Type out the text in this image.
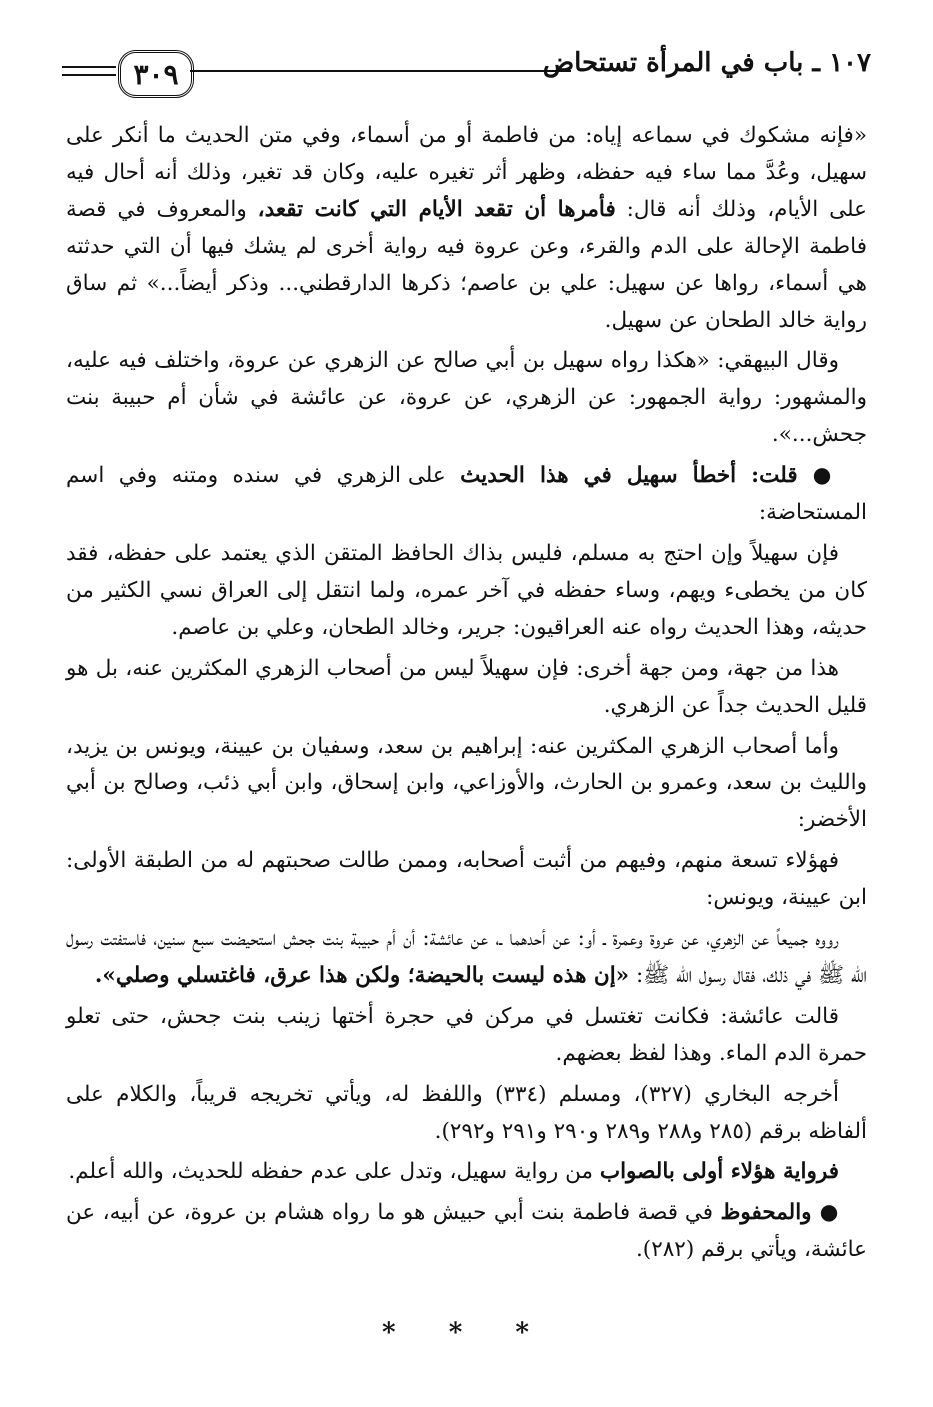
٣٠٩	١٠٧ ـ باب في المرأة تستحاض

«فإنه مشكوك في سماعه إياه: من فاطمة أو من أسماء، وفي متن الحديث ما أنكر على سهيل، وعُدَّ مما ساء فيه حفظه، وظهر أثر تغيره عليه، وكان قد تغير، وذلك أنه أحال فيه على الأيام، وذلك أنه قال: فأمرها أن تقعد الأيام التي كانت تقعد، والمعروف في قصة فاطمة الإحالة على الدم والقرء، وعن عروة فيه رواية أخرى لم يشك فيها أن التي حدثته هي أسماء، رواها عن سهيل: علي بن عاصم؛ ذكرها الدارقطني... وذكر أيضاً...» ثم ساق رواية خالد الطحان عن سهيل.

وقال البيهقي: «هكذا رواه سهيل بن أبي صالح عن الزهري عن عروة، واختلف فيه عليه، والمشهور: رواية الجمهور: عن الزهري، عن عروة، عن عائشة في شأن أم حبيبة بنت جحش...».

● قلت: أخطأ سهيل في هذا الحديث على الزهري في سنده ومتنه وفي اسم المستحاضة:

فإن سهيلاً وإن احتج به مسلم، فليس بذاك الحافظ المتقن الذي يعتمد على حفظه، فقد كان من يخطىء ويهم، وساء حفظه في آخر عمره، ولما انتقل إلى العراق نسي الكثير من حديثه، وهذا الحديث رواه عنه العراقيون: جرير، وخالد الطحان، وعلي بن عاصم.

هذا من جهة، ومن جهة أخرى: فإن سهيلاً ليس من أصحاب الزهري المكثرين عنه، بل هو قليل الحديث جداً عن الزهري.

وأما أصحاب الزهري المكثرين عنه: إبراهيم بن سعد، وسفيان بن عيينة، ويونس بن يزيد، والليث بن سعد، وعمرو بن الحارث، والأوزاعي، وابن إسحاق، وابن أبي ذئب، وصالح بن أبي الأخضر:

فهؤلاء تسعة منهم، وفيهم من أثبت أصحابه، وممن طالت صحبتهم له من الطبقة الأولى: ابن عيينة، ويونس:

رووه جميعاً عن الزهري، عن عروة وعمرة ـ أو: عن أحدهما ـ، عن عائشة: أن أم حبيبة بنت جحش استحيضت سبع سنين، فاستفتت رسول الله ﷺ في ذلك، فقال رسول الله ﷺ: «إن هذه ليست بالحيضة؛ ولكن هذا عرق، فاغتسلي وصلي».

قالت عائشة: فكانت تغتسل في مركن في حجرة أختها زينب بنت جحش، حتى تعلو حمرة الدم الماء. وهذا لفظ بعضهم.

أخرجه البخاري (٣٢٧)، ومسلم (٣٣٤) واللفظ له، ويأتي تخريجه قريباً، والكلام على ألفاظه برقم (٢٨٥ و٢٨٨ و٢٨٩ و٢٩٠ و٢٩١ و٢٩٢).

فرواية هؤلاء أولى بالصواب من رواية سهيل، وتدل على عدم حفظه للحديث، والله أعلم.

● والمحفوظ في قصة فاطمة بنت أبي حبيش هو ما رواه هشام بن عروة، عن أبيه، عن عائشة، ويأتي برقم (٢٨٢).

* * *
